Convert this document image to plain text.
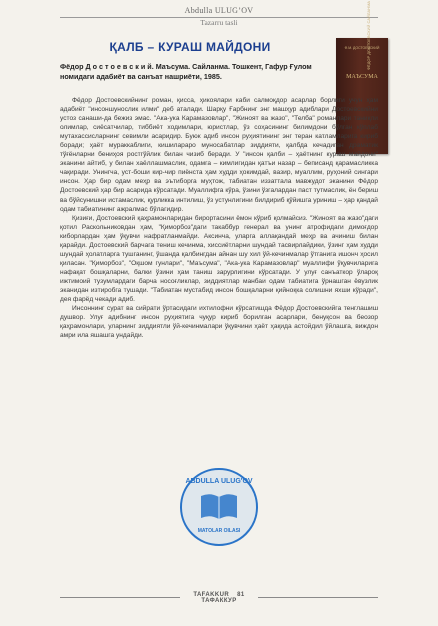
Abdulla ULUG’OV
Tazarru tasli
ҚАЛБ – КУРАШ МАЙДОНИ
Фёдор Д о с т о е в с к и й. Маъсума. Сайланма. Тошкент, Гафур Ғулом номидаги адабиёт ва санъат нашриёти, 1985.
Ф.М. ДОСТОЕВСКИЙ
МАЪСУМА
ФЁДОР ДОСТОЕВСКИЙ САЙЛАНМА

Фёдор Достоевскийнинг роман, қисса, ҳикоялари каби салмоқдор асарлар борлиги учун ҳам адабиёт "инсоншунослик илми" деб аталади. Шарқу Ғарбнинг энг машҳур адиблари Достоевскийни устоз санаши-да бежиз эмас. "Ака-ука Карамазовлар", "Жиноят ва жазо", "Телба" романлари таниқли олимлар, сиёсатчилар, тиббиёт ходимлари, юристлар, ўз соҳасининг билимдони бўлган кўплаб мутахассисларнинг севимли асаридир. Буюк адиб инсон руҳиятининг энг теран катламларига кириб боради; ҳаёт мураккаблиги, кишиларaро муносабатлар зиддияти, қалбда кечадиган драматик тўғёнларни бениҳоя ростгўйлик билан чизиб беради. У "инсон қалби – ҳаётнинг кураш майдони" эканини айтиб, у билан хаёллашмаслик, одамга – кимлигидан қатъи назар – беписанд қарамасликка чақиради. Унингча, уст-боши кир-чир пиёнста ҳам худди ҳокимдай, вазир, муаллим, руҳоний сингари инсон. Ҳар бир одам меҳр ва эътиборга муҳтож, табиатан иззаттала мавжудот эканини Фёдор Достоевский ҳар бир асарида кўрсатади. Муаллифга кўра, ўзини ўзгалардан паст тутмаслик, ён бериш ва бўйсунишни истамаслик, қурликка интилиш, ўз устунлигини билдириб қўйишга уриниш – ҳар қандай одам табиатининг ажралмас бўлагидир.

Қизиғи, Достоевский қаҳрамонларидан бирортасини ёмон кўриб қолмайсиз. "Жиноят ва жазо"даги қотил Раскольниковдан ҳам, "Қиморбоз"даги такаббур генерал ва унинг атрофидаги димоғдор киборлардан ҳам ўқувчи нафратланмайди. Аксинча, уларга аллақандай меҳр ва ачиниш билан қарайди. Достоевский барчага тениш кечинма, хиссиётларни шундай тасвирлайдики, ўзинг ҳам худди шундай ҳолатларга тушганинг, ўшанда қалбингдан айнан шу хил ўй-кечинмалар ўтганига ишонч ҳосил қиласан. "Қиморбоз", "Оқшом гунлари", "Маъсума", "Ака-ука Карамазовлар" муаллифи ўқувчиларига нафақат бошқаларни, балки ўзини ҳам таниш зарурлигини кўрсатади. У улуғ санъаткор ўлароқ ижтимоий тузумлардаги барча носоғликлар, зиддиятлар манбаи одам табиатига ўрнашган ёвузлик эканидан изтиробга тушади. "Табиатан мустабид инсон бошқаларни қийноқка солишни яхши кўради", дея фарёд чекади адиб.

Инсоннинг сурат ва сийрати ўртасидаги ихтилофни кўрсатишда Фёдор Достоевскийга тенглашиш душвор. Улуғ адибнинг инсон руҳиятига чуқур кириб борилган асарлари, бенуқсон ва беозор қаҳрамонлари, уларнинг зиддиятли ўй-кечинмалари ўқувчини ҳаёт ҳақида астойдил ўйлашга, виждон амри ила яшашга ундайди.

ABDULLA ULUG'OV
MATOLAR OILASI
TAFAKKUR 81 ТАФАККУР
